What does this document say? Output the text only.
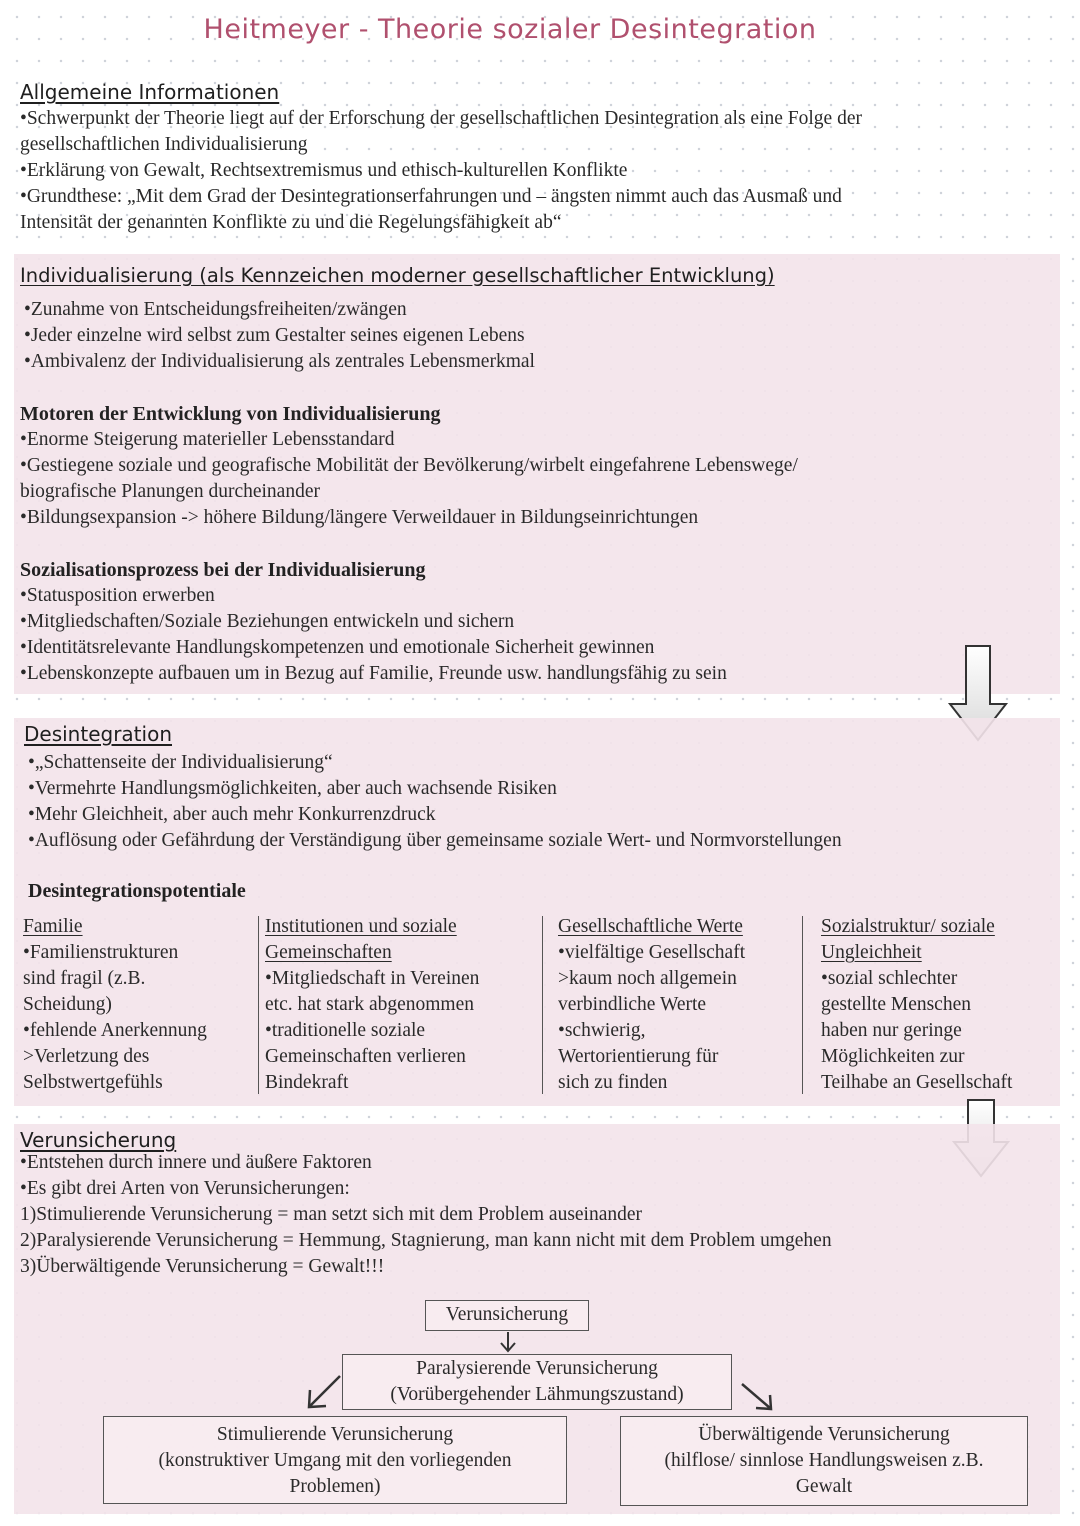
Heitmeyer - Theorie sozialer Desintegration
Allgemeine Informationen
•Schwerpunkt der Theorie liegt auf der Erforschung der gesellschaftlichen Desintegration als eine Folge der
gesellschaftlichen Individualisierung
•Erklärung von Gewalt, Rechtsextremismus und ethisch-kulturellen Konflikte
•Grundthese: „Mit dem Grad der Desintegrationserfahrungen und – ängsten nimmt auch das Ausmaß und
Intensität der genannten Konflikte zu und die Regelungsfähigkeit ab“
Individualisierung (als Kennzeichen moderner gesellschaftlicher Entwicklung)
•Zunahme von Entscheidungsfreiheiten/zwängen
•Jeder einzelne wird selbst zum Gestalter seines eigenen Lebens
•Ambivalenz der Individualisierung als zentrales Lebensmerkmal
Motoren der Entwicklung von Individualisierung
•Enorme Steigerung materieller Lebensstandard
•Gestiegene soziale und geografische Mobilität der Bevölkerung/wirbelt eingefahrene Lebenswege/
biografische Planungen durcheinander
•Bildungsexpansion -> höhere Bildung/längere Verweildauer in Bildungseinrichtungen
Sozialisationsprozess bei der Individualisierung
•Statusposition erwerben
•Mitgliedschaften/Soziale Beziehungen entwickeln und sichern
•Identitätsrelevante Handlungskompetenzen und emotionale Sicherheit gewinnen
•Lebenskonzepte aufbauen um in Bezug auf Familie, Freunde usw. handlungsfähig zu sein
Desintegration
•„Schattenseite der Individualisierung“
•Vermehrte Handlungsmöglichkeiten, aber auch wachsende Risiken
•Mehr Gleichheit, aber auch mehr Konkurrenzdruck
•Auflösung oder Gefährdung der Verständigung über gemeinsame soziale Wert- und Normvorstellungen
Desintegrationspotentiale
Familie
•Familienstrukturen
sind fragil (z.B.
Scheidung)
•fehlende Anerkennung
>Verletzung des
Selbstwertgefühls
Institutionen und soziale
Gemeinschaften
•Mitgliedschaft in Vereinen
etc. hat stark abgenommen
•traditionelle soziale
Gemeinschaften verlieren
Bindekraft
Gesellschaftliche Werte
•vielfältige Gesellschaft
>kaum noch allgemein
verbindliche Werte
•schwierig,
Wertorientierung für
sich zu finden
Sozialstruktur/ soziale
Ungleichheit
•sozial schlechter
gestellte Menschen
haben nur geringe
Möglichkeiten zur
Teilhabe an Gesellschaft
Verunsicherung
•Entstehen durch innere und äußere Faktoren
•Es gibt drei Arten von Verunsicherungen:
1)Stimulierende Verunsicherung = man setzt sich mit dem Problem auseinander
2)Paralysierende Verunsicherung = Hemmung, Stagnierung, man kann nicht mit dem Problem umgehen
3)Überwältigende Verunsicherung = Gewalt!!!
Verunsicherung
Paralysierende Verunsicherung
(Vorübergehender Lähmungszustand)
Stimulierende Verunsicherung
(konstruktiver Umgang mit den vorliegenden
Problemen)
Überwältigende Verunsicherung
(hilflose/ sinnlose Handlungsweisen z.B.
Gewalt
